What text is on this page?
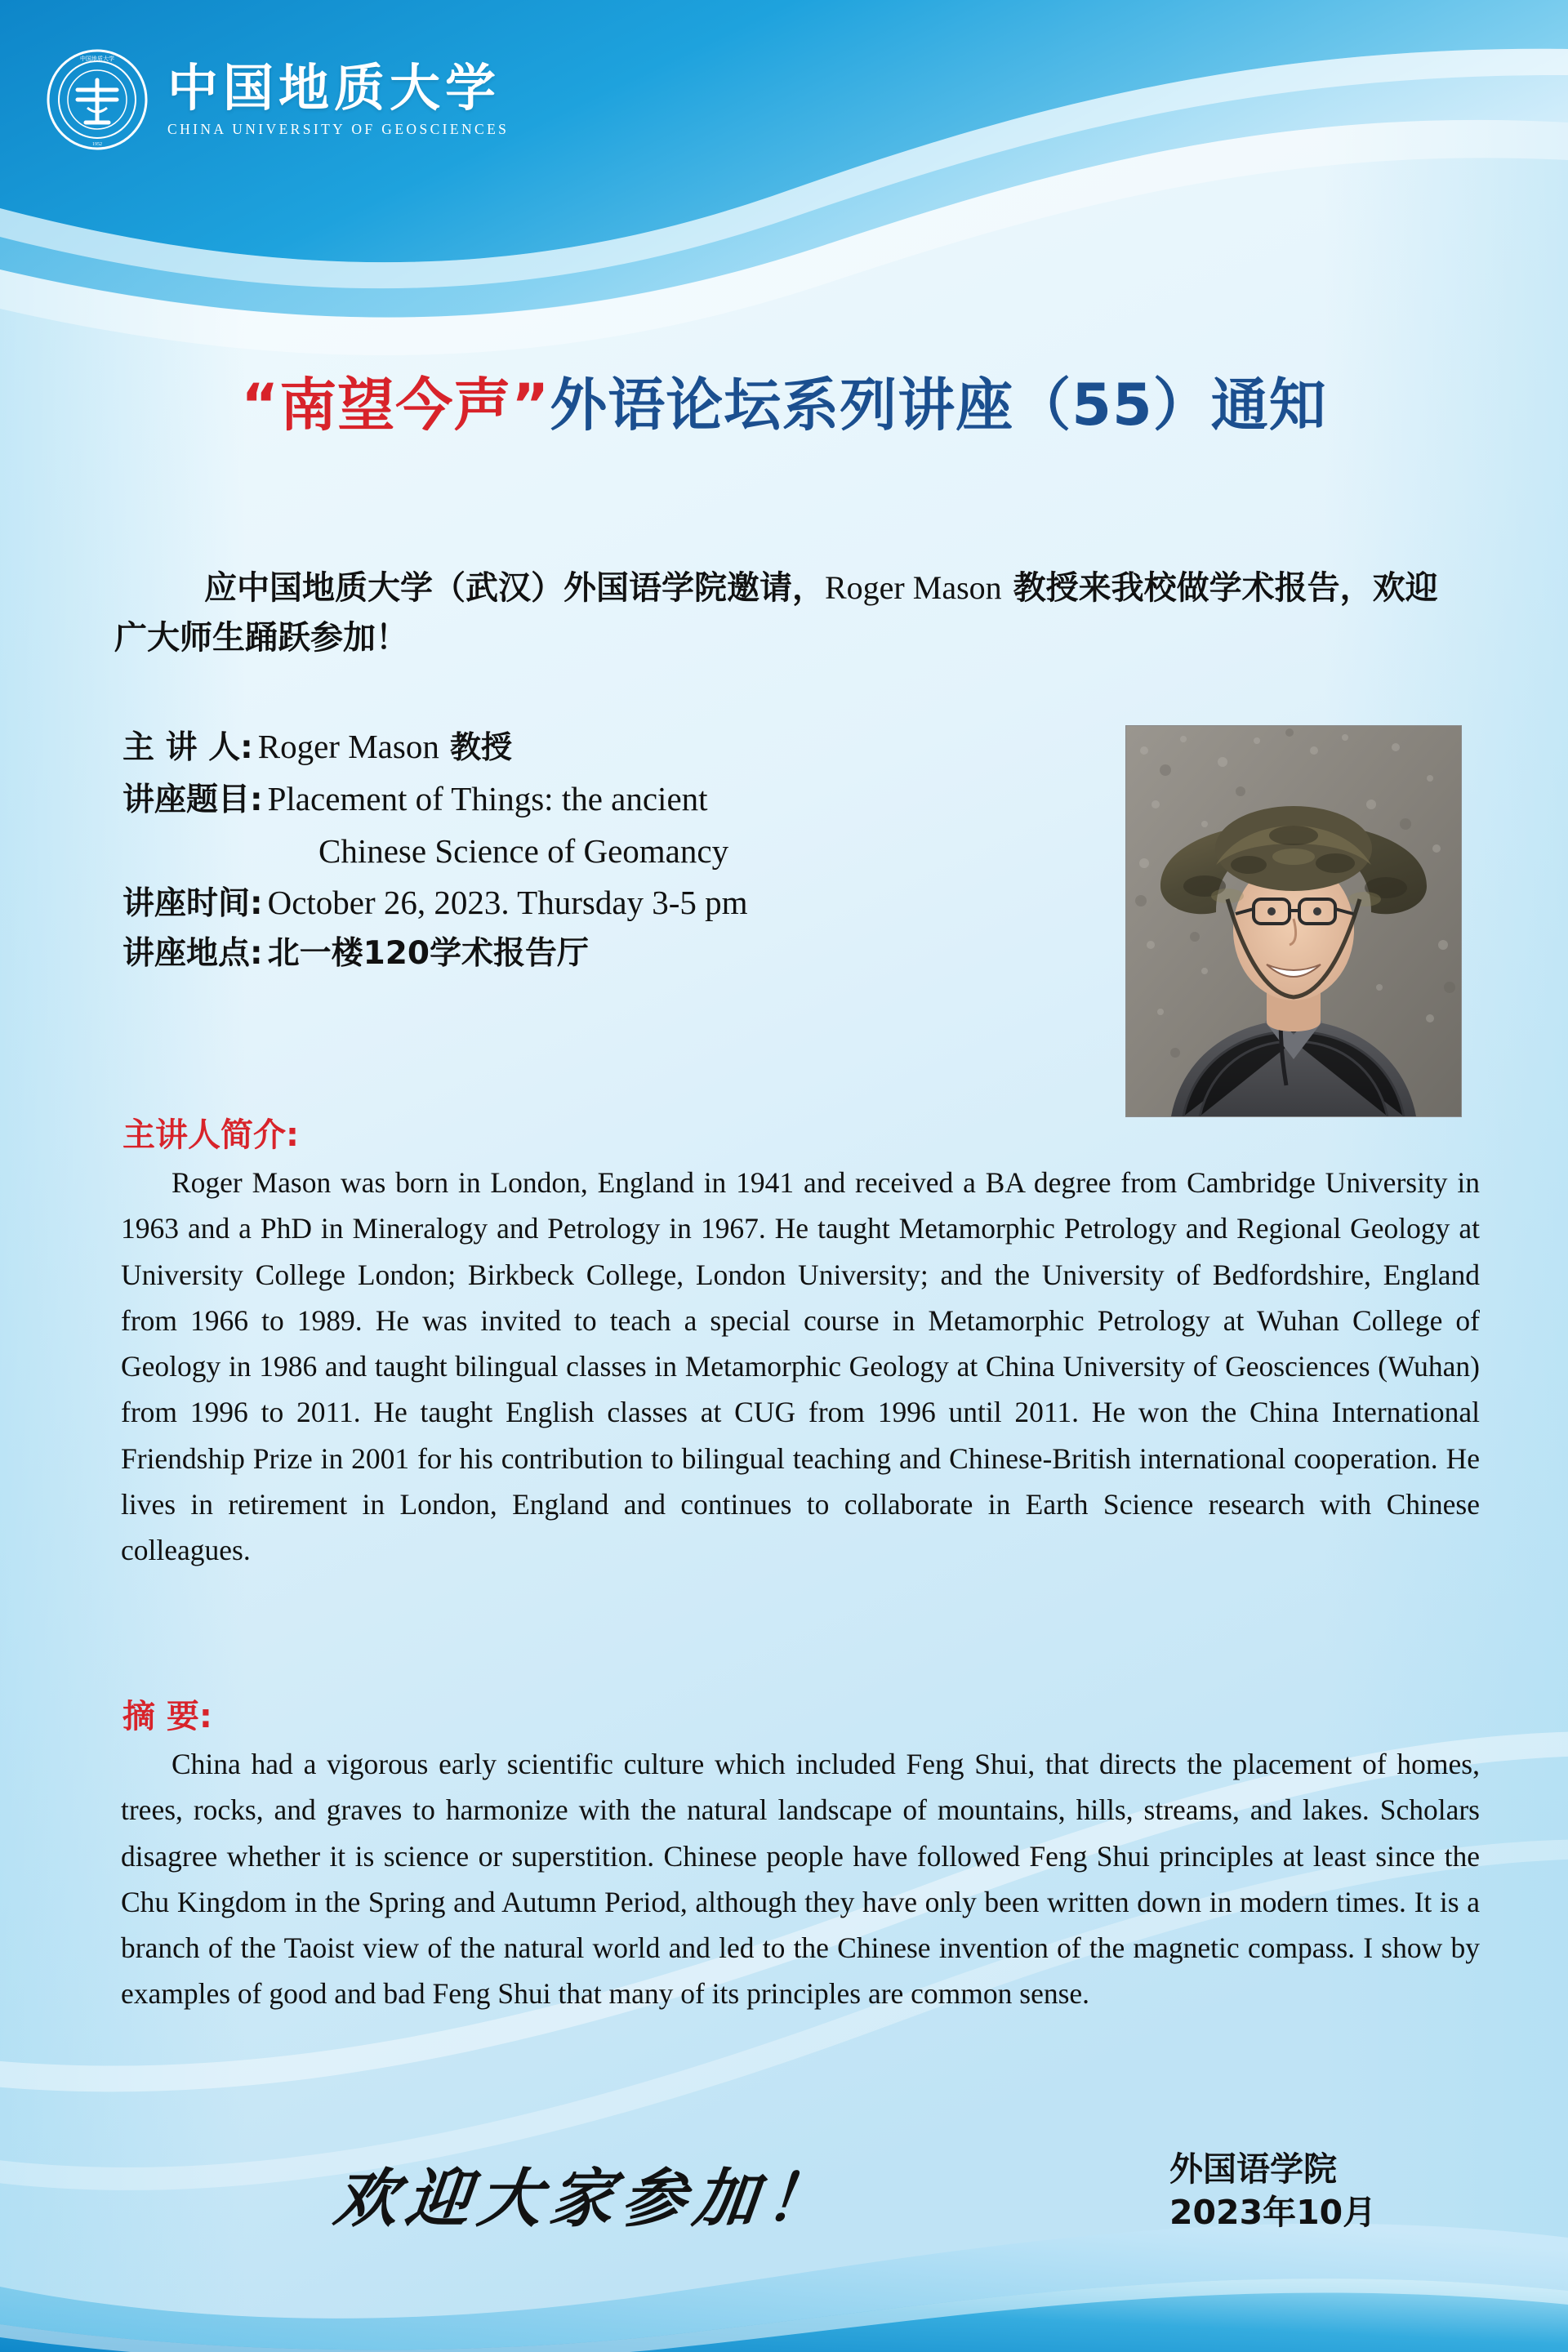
中国地质大学
1952
中国地质大学
CHINA UNIVERSITY OF GEOSCIENCES
“南望今声”外语论坛系列讲座（55）通知
应中国地质大学（武汉）外国语学院邀请，Roger Mason 教授来我校做学术报告，欢迎广大师生踊跃参加！
主 讲 人: Roger Mason 教授
讲座题目: Placement of Things: the ancient
Chinese Science of Geomancy
讲座时间: October 26, 2023. Thursday 3-5 pm
讲座地点: 北一楼120学术报告厅
主讲人简介:
Roger Mason was born in London, England in 1941 and received a BA degree from Cambridge University in 1963 and a PhD in Mineralogy and Petrology in 1967. He taught Metamorphic Petrology and Regional Geology at University College London; Birkbeck College, London University; and the University of Bedfordshire, England from 1966 to 1989. He was invited to teach a special course in Metamorphic Petrology at Wuhan College of Geology in 1986 and taught bilingual classes in Metamorphic Geology at China University of Geosciences (Wuhan) from 1996 to 2011. He taught English classes at CUG from 1996 until 2011. He won the China International Friendship Prize in 2001 for his contribution to bilingual teaching and Chinese-British international cooperation. He lives in retirement in London, England and continues to collaborate in Earth Science research with Chinese colleagues.
摘 要:
China had a vigorous early scientific culture which included Feng Shui, that directs the placement of homes, trees, rocks, and graves to harmonize with the natural landscape of mountains, hills, streams, and lakes. Scholars disagree whether it is science or superstition. Chinese people have followed Feng Shui principles at least since the Chu Kingdom in the Spring and Autumn Period, although they have only been written down in modern times. It is a branch of the Taoist view of the natural world and led to the Chinese invention of the magnetic compass. I show by examples of good and bad Feng Shui that many of its principles are common sense.
欢迎大家参加！	外国语学院
2023年10月
